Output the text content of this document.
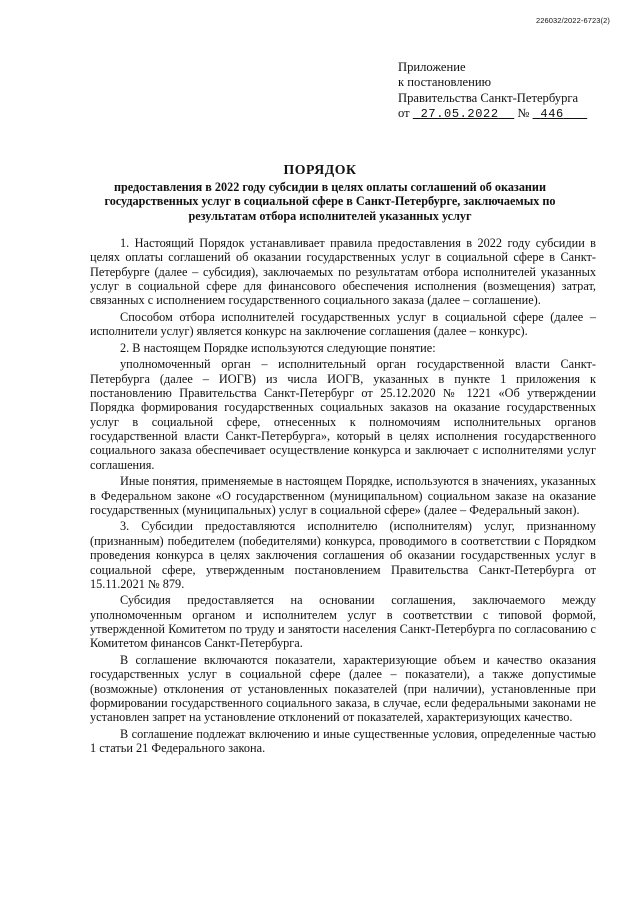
226032/2022-6723(2)
Приложение
к постановлению
Правительства Санкт-Петербурга
от 27.05.2022 № 446
ПОРЯДОК
предоставления в 2022 году субсидии в целях оплаты соглашений об оказании государственных услуг в социальной сфере в Санкт-Петербурге, заключаемых по результатам отбора исполнителей указанных услуг

1. Настоящий Порядок устанавливает правила предоставления в 2022 году субсидии в целях оплаты соглашений об оказании государственных услуг в социальной сфере в Санкт-Петербурге (далее – субсидия), заключаемых по результатам отбора исполнителей указанных услуг в социальной сфере для финансового обеспечения исполнения (возмещения) затрат, связанных с исполнением государственного социального заказа (далее – соглашение).

Способом отбора исполнителей государственных услуг в социальной сфере (далее – исполнители услуг) является конкурс на заключение соглашения (далее – конкурс).

2. В настоящем Порядке используются следующие понятие:

уполномоченный орган – исполнительный орган государственной власти Санкт-Петербурга (далее – ИОГВ) из числа ИОГВ, указанных в пункте 1 приложения к постановлению Правительства Санкт-Петербург от 25.12.2020 № 1221 «Об утверждении Порядка формирования государственных социальных заказов на оказание государственных услуг в социальной сфере, отнесенных к полномочиям исполнительных органов государственной власти Санкт-Петербурга», который в целях исполнения государственного социального заказа обеспечивает осуществление конкурса и заключает с исполнителями услуг соглашения.

Иные понятия, применяемые в настоящем Порядке, используются в значениях, указанных в Федеральном законе «О государственном (муниципальном) социальном заказе на оказание государственных (муниципальных) услуг в социальной сфере» (далее – Федеральный закон).

3. Субсидии предоставляются исполнителю (исполнителям) услуг, признанному (признанным) победителем (победителями) конкурса, проводимого в соответствии с Порядком проведения конкурса в целях заключения соглашения об оказании государственных услуг в социальной сфере, утвержденным постановлением Правительства Санкт-Петербурга от 15.11.2021 № 879.

Субсидия предоставляется на основании соглашения, заключаемого между уполномоченным органом и исполнителем услуг в соответствии с типовой формой, утвержденной Комитетом по труду и занятости населения Санкт-Петербурга по согласованию с Комитетом финансов Санкт-Петербурга.

В соглашение включаются показатели, характеризующие объем и качество оказания государственных услуг в социальной сфере (далее – показатели), а также допустимые (возможные) отклонения от установленных показателей (при наличии), установленные при формировании государственного социального заказа, в случае, если федеральными законами не установлен запрет на установление отклонений от показателей, характеризующих качество.

В соглашение подлежат включению и иные существенные условия, определенные частью 1 статьи 21 Федерального закона.
